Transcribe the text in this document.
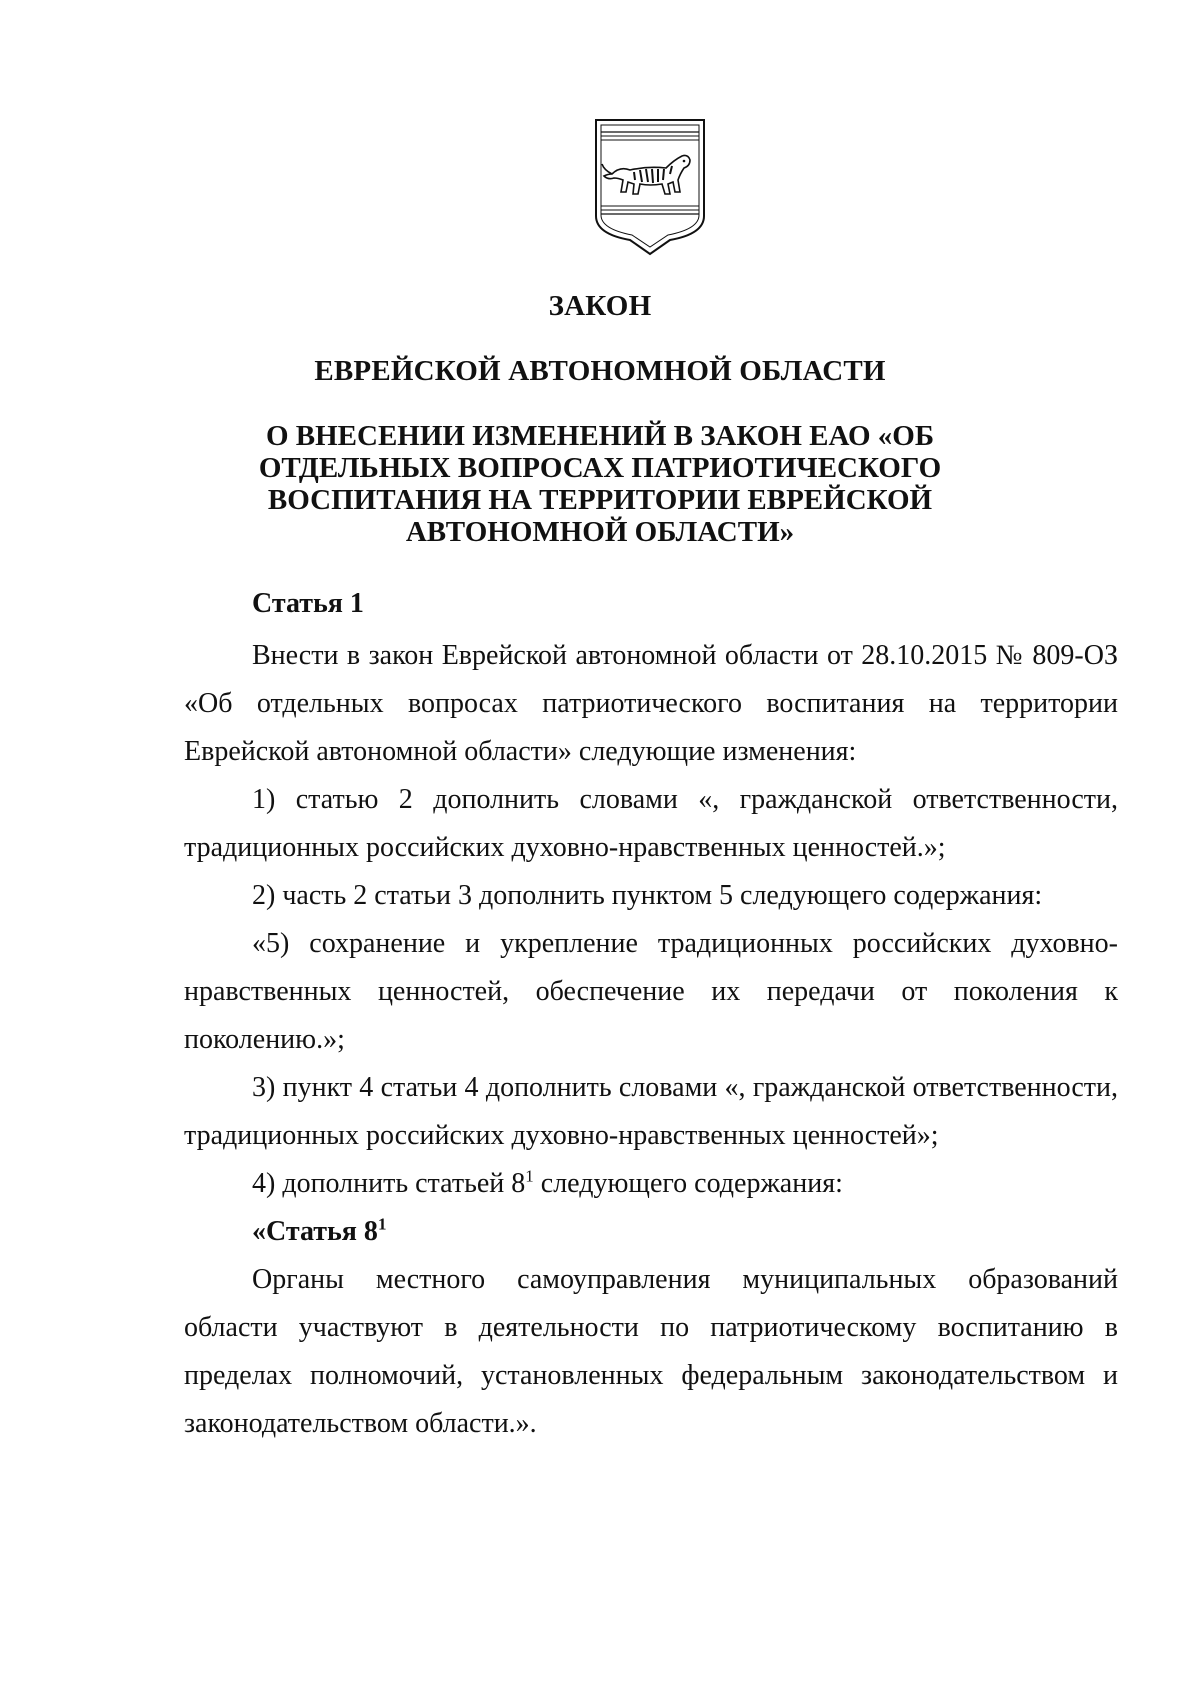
ЗАКОН
ЕВРЕЙСКОЙ АВТОНОМНОЙ ОБЛАСТИ
О ВНЕСЕНИИ ИЗМЕНЕНИЙ В ЗАКОН ЕАО «ОБ ОТДЕЛЬНЫХ ВОПРОСАХ ПАТРИОТИЧЕСКОГО ВОСПИТАНИЯ НА ТЕРРИТОРИИ ЕВРЕЙСКОЙ АВТОНОМНОЙ ОБЛАСТИ»

Статья 1

Внести в закон Еврейской автономной области от 28.10.2015 № 809-ОЗ «Об отдельных вопросах патриотического воспитания на территории Еврейской автономной области» следующие изменения:

1) статью 2 дополнить словами «, гражданской ответственности, традиционных российских духовно-нравственных ценностей.»;

2) часть 2 статьи 3 дополнить пунктом 5 следующего содержания:

«5) сохранение и укрепление традиционных российских духовно-нравственных ценностей, обеспечение их передачи от поколения к поколению.»;

3) пункт 4 статьи 4 дополнить словами «, гражданской ответственности, традиционных российских духовно-нравственных ценностей»;

4) дополнить статьей $8^1$ следующего содержания:

«Статья $8^1$

Органы местного самоуправления муниципальных образований области участвуют в деятельности по патриотическому воспитанию в пределах полномочий, установленных федеральным законодательством и законодательством области.».
